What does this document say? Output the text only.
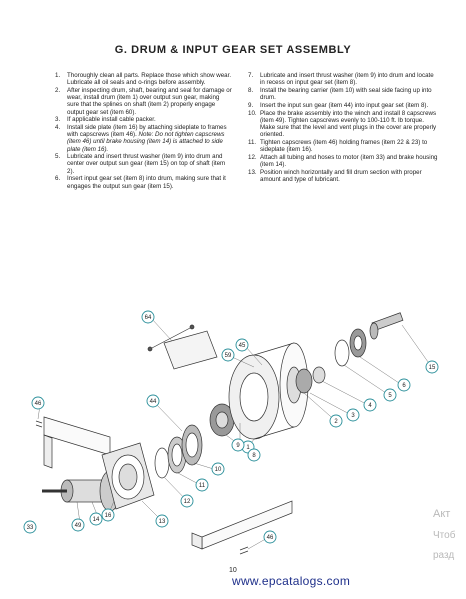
G. DRUM & INPUT GEAR SET ASSEMBLY
1.	Thoroughly clean all parts. Replace those which show wear. Lubricate all oil seals and o-rings before assembly.
2.	After inspecting drum, shaft, bearing and seal for damage or wear, install drum (item 1) over output sun gear, making sure that the splines on shaft (item 2) properly engage output gear set (item 60).
3.	If applicable install cable packer.
4.	Install side plate (item 16) by attaching sideplate to frames with capscrews (item 46). Note: Do not tighten capscrews (item 46) until brake housing (item 14) is attached to side plate (item 16).
5.	Lubricate and insert thrust washer (item 9) into drum and center over output sun gear (item 15) on top of shaft (item 2).
6.	Insert input gear set (item 8) into drum, making sure that it engages the output sun gear (item 15).
7.	Lubricate and insert thrust washer (item 9) into drum and locate in recess on input gear set (item 8).
8.	Install the bearing carrier (item 10) with seal side facing up into drum.
9.	Insert the input sun gear (item 44) into input gear set (item 8).
10. Place the brake assembly into the winch and install 8 capscrews (item 49). Tighten capscrews evenly to 100-110 ft. lb torque. Make sure that the level and vent plugs in the cover are properly oriented.
11. Tighten capscrews (item 46) holding frames (item 22 & 23) to sideplate (item 16).
12. Attach all tubing and hoses to motor (item 33) and brake housing (item 14).
13. Position winch horizontally and fill drum section with proper amount and type of lubricant.
64
59
45
46	44
1
15
6
5
4
3
2
9
8
10
11
12
13
16
14
49
33
46
10
www.epcatalogs.com
Акт
Чтоб
разд
